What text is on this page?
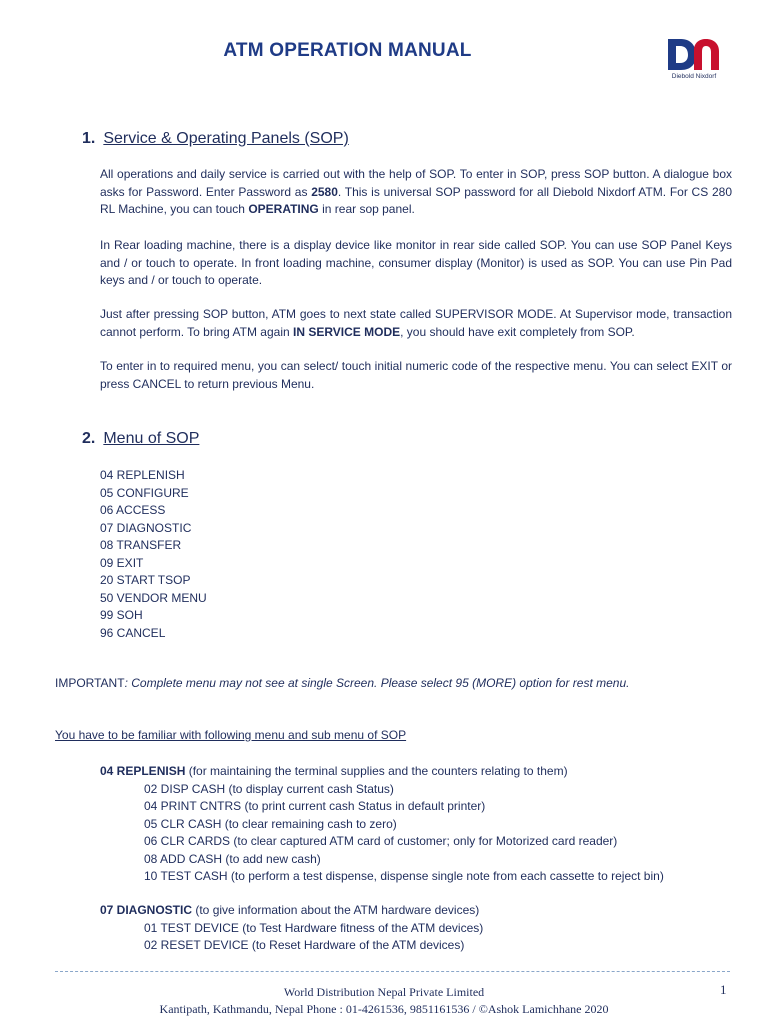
ATM OPERATION MANUAL
Diebold Nixdorf
1. Service & Operating Panels (SOP)
All operations and daily service is carried out with the help of SOP. To enter in SOP, press SOP button. A dialogue box asks for Password. Enter Password as 2580. This is universal SOP password for all Diebold Nixdorf ATM. For CS 280 RL Machine, you can touch OPERATING in rear sop panel.
In Rear loading machine, there is a display device like monitor in rear side called SOP. You can use SOP Panel Keys and / or touch to operate. In front loading machine, consumer display (Monitor) is used as SOP. You can use Pin Pad keys and / or touch to operate.
Just after pressing SOP button, ATM goes to next state called SUPERVISOR MODE. At Supervisor mode, transaction cannot perform. To bring ATM again IN SERVICE MODE, you should have exit completely from SOP.
To enter in to required menu, you can select/ touch initial numeric code of the respective menu. You can select EXIT or press CANCEL to return previous Menu.
2. Menu of SOP
04 REPLENISH
05 CONFIGURE
06 ACCESS
07 DIAGNOSTIC
08 TRANSFER
09 EXIT
20 START TSOP
50 VENDOR MENU
99 SOH
96 CANCEL
IMPORTANT: Complete menu may not see at single Screen. Please select 95 (MORE) option for rest menu.
You have to be familiar with following menu and sub menu of SOP
04 REPLENISH (for maintaining the terminal supplies and the counters relating to them)
02 DISP CASH (to display current cash Status)
04 PRINT CNTRS (to print current cash Status in default printer)
05 CLR CASH (to clear remaining cash to zero)
06 CLR CARDS (to clear captured ATM card of customer; only for Motorized card reader)
08 ADD CASH (to add new cash)
10 TEST CASH (to perform a test dispense, dispense single note from each cassette to reject bin)
07 DIAGNOSTIC (to give information about the ATM hardware devices)
01 TEST DEVICE (to Test Hardware fitness of the ATM devices)
02 RESET DEVICE (to Reset Hardware of the ATM devices)
World Distribution Nepal Private Limited
Kantipath, Kathmandu, Nepal Phone : 01-4261536, 9851161536 / ©Ashok Lamichhane 2020
1
